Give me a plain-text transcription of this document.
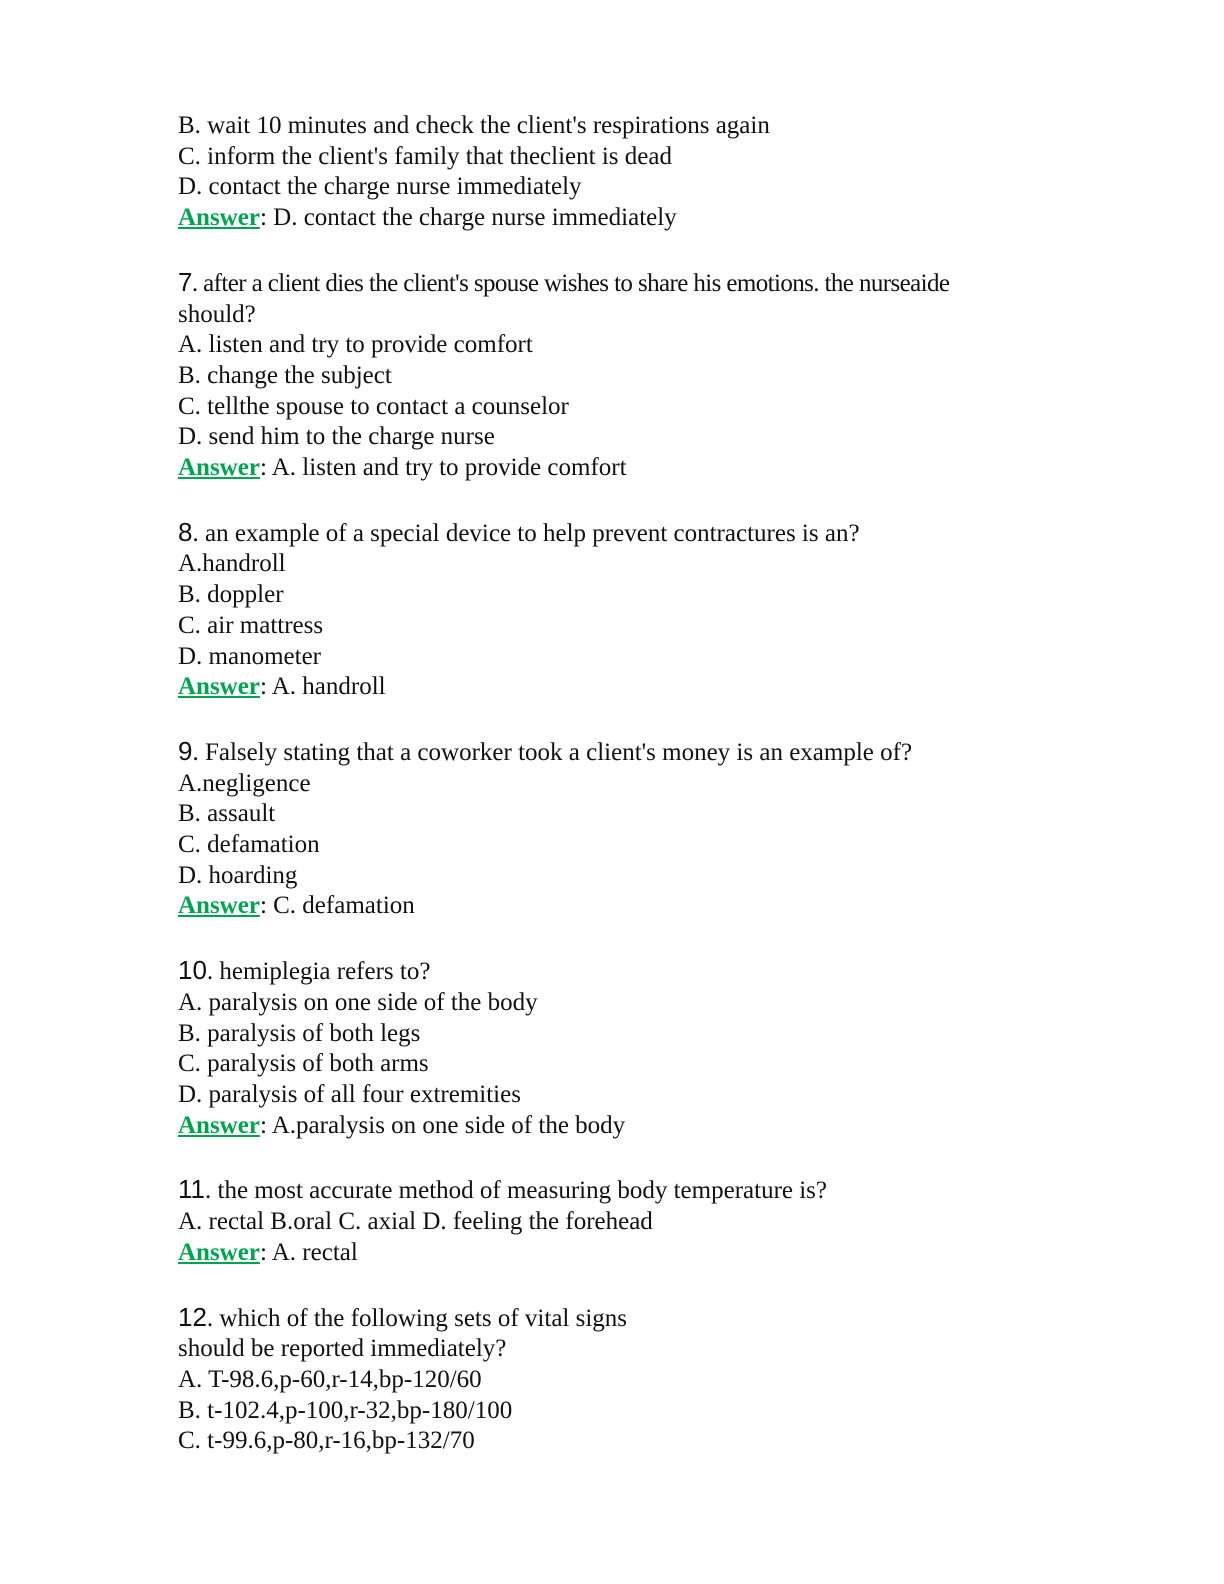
B. wait 10 minutes and check the client's respirations again
C. inform the client's family that theclient is dead
D. contact the charge nurse immediately
Answer: D. contact the charge nurse immediately
7. after a client dies the client's spouse wishes to share his emotions. the nurseaide
should?
A. listen and try to provide comfort
B. change the subject
C. tellthe spouse to contact a counselor
D. send him to the charge nurse
Answer: A. listen and try to provide comfort
8. an example of a special device to help prevent contractures is an?
A.handroll
B. doppler
C. air mattress
D. manometer
Answer: A. handroll
9. Falsely stating that a coworker took a client's money is an example of?
A.negligence
B. assault
C. defamation
D. hoarding
Answer: C. defamation
10. hemiplegia refers to?
A. paralysis on one side of the body
B. paralysis of both legs
C. paralysis of both arms
D. paralysis of all four extremities
Answer: A.paralysis on one side of the body
11. the most accurate method of measuring body temperature is?
A. rectal B.oral C. axial D. feeling the forehead
Answer: A. rectal
12. which of the following sets of vital signs
should be reported immediately?
A. T-98.6,p-60,r-14,bp-120/60
B. t-102.4,p-100,r-32,bp-180/100
C. t-99.6,p-80,r-16,bp-132/70
